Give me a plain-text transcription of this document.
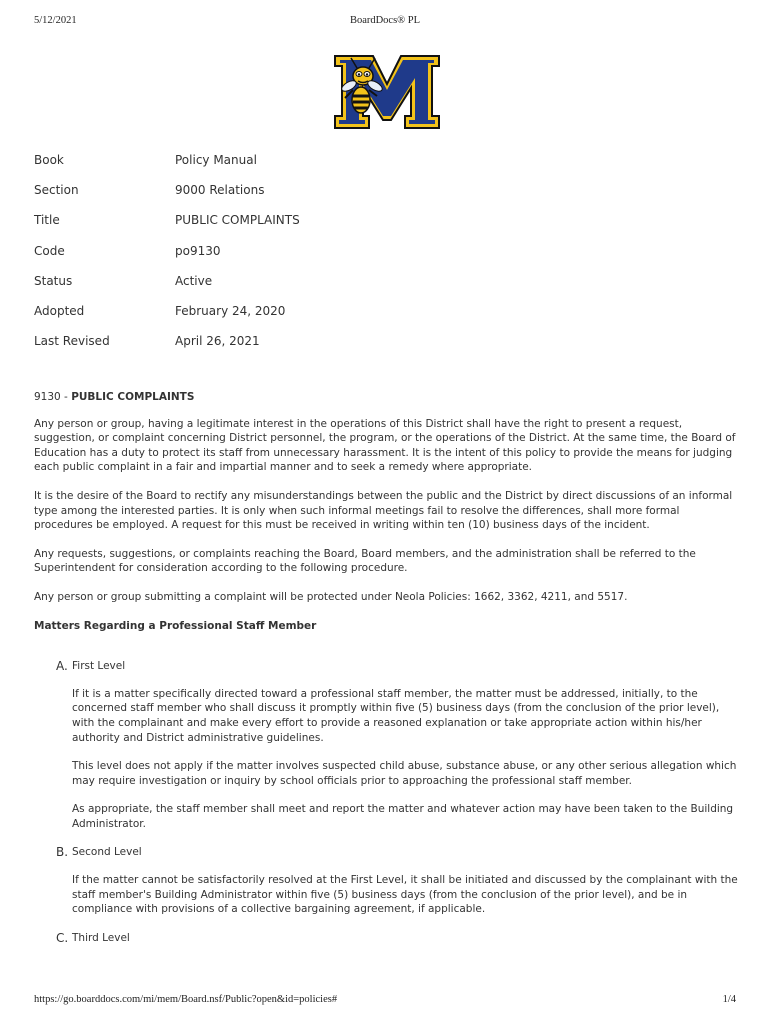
5/12/2021	BoardDocs® PL
Book	Policy Manual
Section	9000 Relations
Title	PUBLIC COMPLAINTS
Code	po9130
Status	Active
Adopted	February 24, 2020
Last Revised	April 26, 2021
9130 - PUBLIC COMPLAINTS

Any person or group, having a legitimate interest in the operations of this District shall have the right to present a request, suggestion, or complaint concerning District personnel, the program, or the operations of the District. At the same time, the Board of Education has a duty to protect its staff from unnecessary harassment. It is the intent of this policy to provide the means for judging each public complaint in a fair and impartial manner and to seek a remedy where appropriate.

It is the desire of the Board to rectify any misunderstandings between the public and the District by direct discussions of an informal type among the interested parties. It is only when such informal meetings fail to resolve the differences, shall more formal procedures be employed. A request for this must be received in writing within ten (10) business days of the incident.

Any requests, suggestions, or complaints reaching the Board, Board members, and the administration shall be referred to the Superintendent for consideration according to the following procedure.

Any person or group submitting a complaint will be protected under Neola Policies: 1662, 3362, 4211, and 5517.

Matters Regarding a Professional Staff Member
A. First Level

If it is a matter specifically directed toward a professional staff member, the matter must be addressed, initially, to the concerned staff member who shall discuss it promptly within five (5) business days (from the conclusion of the prior level), with the complainant and make every effort to provide a reasoned explanation or take appropriate action within his/her authority and District administrative guidelines.

This level does not apply if the matter involves suspected child abuse, substance abuse, or any other serious allegation which may require investigation or inquiry by school officials prior to approaching the professional staff member.

As appropriate, the staff member shall meet and report the matter and whatever action may have been taken to the Building Administrator.

B. Second Level

If the matter cannot be satisfactorily resolved at the First Level, it shall be initiated and discussed by the complainant with the staff member's Building Administrator within five (5) business days (from the conclusion of the prior level), and be in compliance with provisions of a collective bargaining agreement, if applicable.

C. Third Level
https://go.boarddocs.com/mi/mem/Board.nsf/Public?open&id=policies#	1/4
